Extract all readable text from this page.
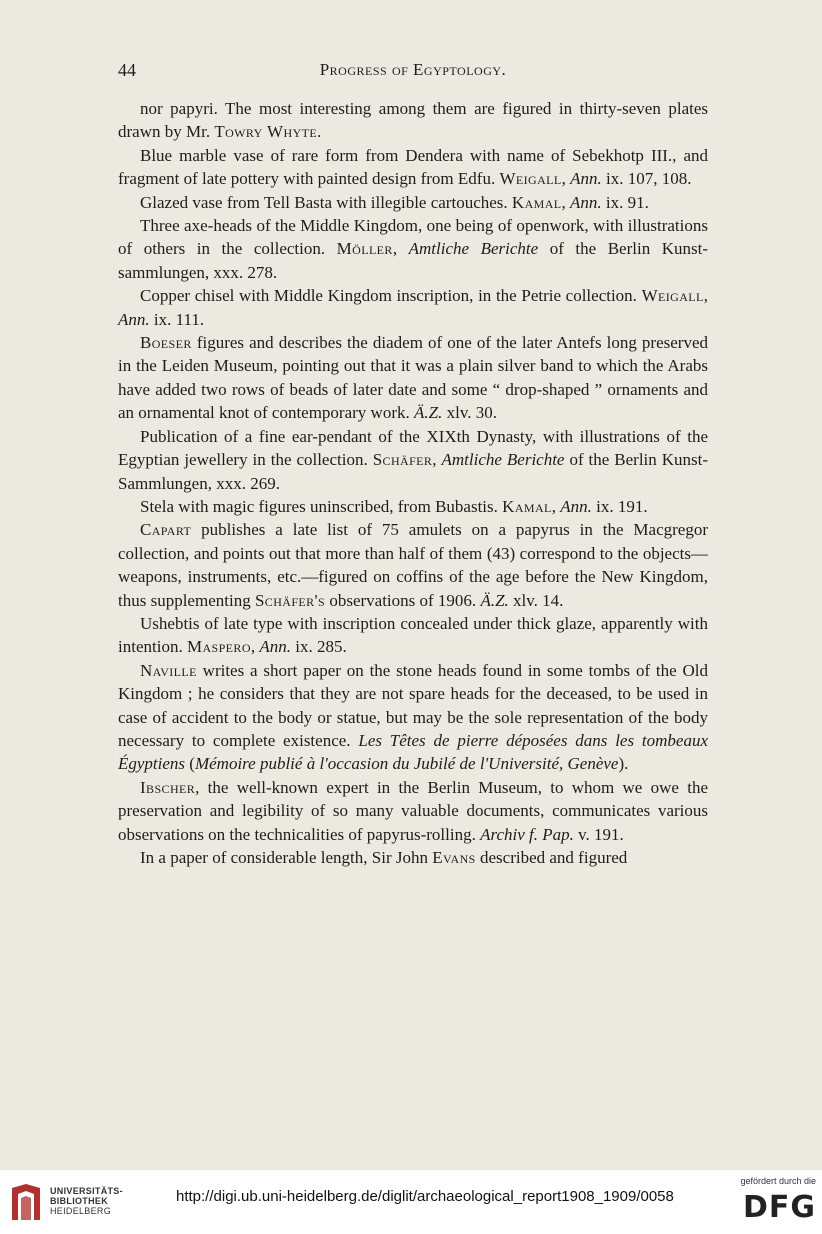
44	Progress of Egyptology.

nor papyri. The most interesting among them are figured in thirty-seven plates drawn by Mr. Towry Whyte.

Blue marble vase of rare form from Dendera with name of Sebekhotp III., and fragment of late pottery with painted design from Edfu. Weigall, Ann. ix. 107, 108.

Glazed vase from Tell Basta with illegible cartouches. Kamal, Ann. ix. 91.

Three axe-heads of the Middle Kingdom, one being of openwork, with illustrations of others in the collection. Möller, Amtliche Berichte of the Berlin Kunst-sammlungen, xxx. 278.

Copper chisel with Middle Kingdom inscription, in the Petrie collection. Weigall, Ann. ix. 111.

Boeser figures and describes the diadem of one of the later Antefs long preserved in the Leiden Museum, pointing out that it was a plain silver band to which the Arabs have added two rows of beads of later date and some “ drop-shaped ” ornaments and an ornamental knot of contemporary work. Ä.Z. xlv. 30.

Publication of a fine ear-pendant of the XIXth Dynasty, with illustrations of the Egyptian jewellery in the collection. Schäfer, Amtliche Berichte of the Berlin Kunst-Sammlungen, xxx. 269.

Stela with magic figures uninscribed, from Bubastis. Kamal, Ann. ix. 191.

Capart publishes a late list of 75 amulets on a papyrus in the Macgregor collection, and points out that more than half of them (43) correspond to the objects—weapons, instruments, etc.—figured on coffins of the age before the New Kingdom, thus supplementing Schäfer's observations of 1906. Ä.Z. xlv. 14.

Ushebtis of late type with inscription concealed under thick glaze, apparently with intention. Maspero, Ann. ix. 285.

Naville writes a short paper on the stone heads found in some tombs of the Old Kingdom ; he considers that they are not spare heads for the deceased, to be used in case of accident to the body or statue, but may be the sole representation of the body necessary to complete existence. Les Têtes de pierre déposées dans les tombeaux Égyptiens (Mémoire publié à l'occasion du Jubilé de l'Université, Genève).

Ibscher, the well-known expert in the Berlin Museum, to whom we owe the preservation and legibility of so many valuable documents, communicates various observations on the technicalities of papyrus-rolling. Archiv f. Pap. v. 191.

In a paper of considerable length, Sir John Evans described and figured

UNIVERSITÄTS-
BIBLIOTHEK
HEIDELBERG
http://digi.ub.uni-heidelberg.de/diglit/archaeological_report1908_1909/0058
gefördert durch die
DFG
